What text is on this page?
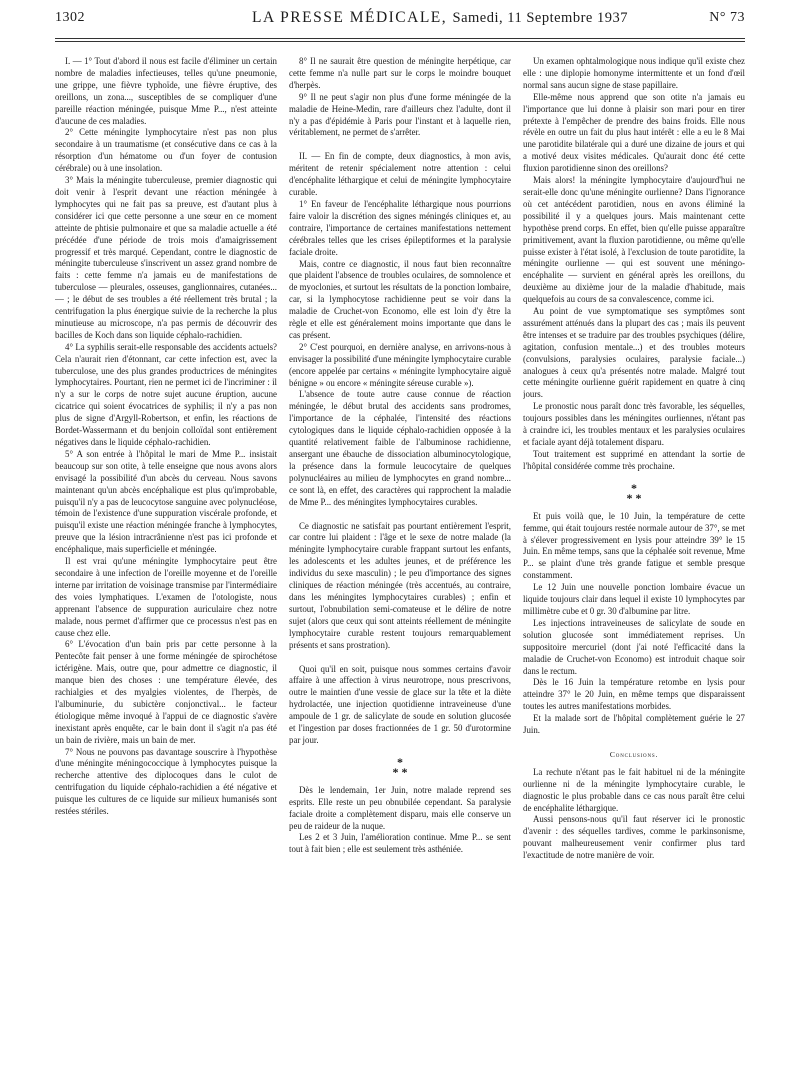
1302	LA PRESSE MÉDICALE, Samedi, 11 Septembre 1937	N° 73

I. — 1° Tout d'abord il nous est facile d'éliminer un certain nombre de maladies infectieuses, telles qu'une pneumonie, une grippe, une fièvre typhoïde, une fièvre éruptive, des oreillons, un zona..., susceptibles de se compliquer d'une pareille réaction méningée, puisque Mme P..., n'est atteinte d'aucune de ces maladies.

2° Cette méningite lymphocytaire n'est pas non plus secondaire à un traumatisme (et consécutive dans ce cas à la résorption d'un hématome ou d'un foyer de contusion cérébrale) ou à une insolation.

3° Mais la méningite tuberculeuse, premier diagnostic qui doit venir à l'esprit devant une réaction méningée à lymphocytes qui ne fait pas sa preuve, est d'autant plus à considérer ici que cette personne a une sœur en ce moment atteinte de phtisie pulmonaire et que sa maladie actuelle a été précédée d'une période de trois mois d'amaigrissement progressif et très marqué. Cependant, contre le diagnostic de méningite tuberculeuse s'inscrivent un assez grand nombre de faits : cette femme n'a jamais eu de manifestations de tuberculose — pleurales, osseuses, ganglionnaires, cutanées... — ; le début de ses troubles a été réellement très brutal ; la centrifugation la plus énergique suivie de la recherche la plus minutieuse au microscope, n'a pas permis de découvrir des bacilles de Koch dans son liquide céphalo-rachidien.

4° La syphilis serait-elle responsable des accidents actuels? Cela n'aurait rien d'étonnant, car cette infection est, avec la tuberculose, une des plus grandes productrices de méningites lymphocytaires. Pourtant, rien ne permet ici de l'incriminer : il n'y a sur le corps de notre sujet aucune éruption, aucune cicatrice qui soient évocatrices de syphilis; il n'y a pas non plus de signe d'Argyll-Robertson, et enfin, les réactions de Bordet-Wassermann et du benjoin colloïdal sont entièrement négatives dans le liquide céphalo-rachidien.

5° A son entrée à l'hôpital le mari de Mme P... insistait beaucoup sur son otite, à telle enseigne que nous avons alors envisagé la possibilité d'un abcès du cerveau. Nous savons maintenant qu'un abcès encéphalique est plus qu'improbable, puisqu'il n'y a pas de leucocytose sanguine avec polynucléose, témoin de l'existence d'une suppuration viscérale profonde, et puisqu'il existe une réaction méningée franche à lymphocytes, preuve que la lésion intracrânienne n'est pas ici profonde et encéphalique, mais superficielle et méningée.

Il est vrai qu'une méningite lymphocytaire peut être secondaire à une infection de l'oreille moyenne et de l'oreille interne par irritation de voisinage transmise par l'intermédiaire des voies lymphatiques. L'examen de l'otologiste, nous apprenant l'absence de suppuration auriculaire chez notre malade, nous permet d'affirmer que ce processus n'est pas en cause chez elle.

6° L'évocation d'un bain pris par cette personne à la Pentecôte fait penser à une forme méningée de spirochétose ictérigène. Mais, outre que, pour admettre ce diagnostic, il manque bien des choses : une température élevée, des rachialgies et des myalgies violentes, de l'herpès, de l'albuminurie, du subictère conjonctival... le facteur étiologique même invoqué à l'appui de ce diagnostic s'avère inexistant après enquête, car le bain dont il s'agit n'a pas été un bain de rivière, mais un bain de mer.

7° Nous ne pouvons pas davantage souscrire à l'hypothèse d'une méningite méningococcique à lymphocytes puisque la recherche attentive des diplocoques dans le culot de centrifugation du liquide céphalo-rachidien a été négative et puisque les cultures de ce liquide sur milieux humanisés sont restées stériles.

8° Il ne saurait être question de méningite herpétique, car cette femme n'a nulle part sur le corps le moindre bouquet d'herpès.

9° Il ne peut s'agir non plus d'une forme méningée de la maladie de Heine-Medin, rare d'ailleurs chez l'adulte, dont il n'y a pas d'épidémie à Paris pour l'instant et à laquelle rien, véritablement, ne permet de s'arrêter.

II. — En fin de compte, deux diagnostics, à mon avis, méritent de retenir spécialement notre attention : celui d'encéphalite léthargique et celui de méningite lymphocytaire curable.

1° En faveur de l'encéphalite léthargique nous pourrions faire valoir la discrétion des signes méningés cliniques et, au contraire, l'importance de certaines manifestations nettement cérébrales telles que les crises épileptiformes et la paralysie faciale droite.

Mais, contre ce diagnostic, il nous faut bien reconnaître que plaident l'absence de troubles oculaires, de somnolence et de myoclonies, et surtout les résultats de la ponction lombaire, car, si la lymphocytose rachidienne peut se voir dans la maladie de Cruchet-von Economo, elle est loin d'y être la règle et elle est généralement moins importante que dans le cas présent.

2° C'est pourquoi, en dernière analyse, en arrivons-nous à envisager la possibilité d'une méningite lymphocytaire curable (encore appelée par certains « méningite lymphocytaire aiguë bénigne » ou encore « méningite séreuse curable »).

L'absence de toute autre cause connue de réaction méningée, le début brutal des accidents sans prodromes, l'importance de la céphalée, l'intensité des réactions cytologiques dans le liquide céphalo-rachidien opposée à la quantité relativement faible de l'albuminose rachidienne, ansergant une ébauche de dissociation albuminocytologique, la présence dans la formule leucocytaire de quelques polynucléaires au milieu de lymphocytes en grand nombre... ce sont là, en effet, des caractères qui rapprochent la maladie de Mme P... des méningites lymphocytaires curables.

Ce diagnostic ne satisfait pas pourtant entièrement l'esprit, car contre lui plaident : l'âge et le sexe de notre malade (la méningite lymphocytaire curable frappant surtout les enfants, les adolescents et les adultes jeunes, et de préférence les individus du sexe masculin) ; le peu d'importance des signes cliniques de réaction méningée (très accentués, au contraire, dans les méningites lymphocytaires curables) ; enfin et surtout, l'obnubilation semi-comateuse et le délire de notre sujet (alors que ceux qui sont atteints réellement de méningite lymphocytaire curable restent toujours remarquablement présents et sans prostration).

Quoi qu'il en soit, puisque nous sommes certains d'avoir affaire à une affection à virus neurotrope, nous prescrivons, outre le maintien d'une vessie de glace sur la tête et la diète hydrolactée, une injection quotidienne intraveineuse d'une ampoule de 1 gr. de salicylate de soude en solution glucosée et l'ingestion par doses fractionnées de 1 gr. 50 d'urotormine par jour.

*
* *

Dès le lendemain, 1er Juin, notre malade reprend ses esprits. Elle reste un peu obnubilée cependant. Sa paralysie faciale droite a complètement disparu, mais elle conserve un peu de raideur de la nuque.

Les 2 et 3 Juin, l'amélioration continue. Mme P... se sent tout à fait bien ; elle est seulement très asthéniée.

Un examen ophtalmologique nous indique qu'il existe chez elle : une diplopie homonyme intermittente et un fond d'œil normal sans aucun signe de stase papillaire.

Elle-même nous apprend que son otite n'a jamais eu l'importance que lui donne à plaisir son mari pour en tirer prétexte à l'empêcher de prendre des bains froids. Elle nous révèle en outre un fait du plus haut intérêt : elle a eu le 8 Mai une parotidite bilatérale qui a duré une dizaine de jours et qui a motivé deux visites médicales. Qu'aurait donc été cette fluxion parotidienne sinon des oreillons?

Mais alors! la méningite lymphocytaire d'aujourd'hui ne serait-elle donc qu'une méningite ourlienne? Dans l'ignorance où cet antécédent parotidien, nous en avons éliminé la possibilité il y a quelques jours. Mais maintenant cette hypothèse prend corps. En effet, bien qu'elle puisse apparaître primitivement, avant la fluxion parotidienne, ou même qu'elle puisse exister à l'état isolé, à l'exclusion de toute parotidite, la méningite ourlienne — qui est souvent une méningo-encéphalite — survient en général après les oreillons, du deuxième au dixième jour de la maladie d'habitude, mais quelquefois au cours de sa convalescence, comme ici.

Au point de vue symptomatique ses symptômes sont assurément atténués dans la plupart des cas ; mais ils peuvent être intenses et se traduire par des troubles psychiques (délire, agitation, confusion mentale...) et des troubles moteurs (convulsions, paralysies oculaires, paralysie faciale...) analogues à ceux qu'a présentés notre malade. Malgré tout cette méningite ourlienne guérit rapidement en quatre à cinq jours.

Le pronostic nous paraît donc très favorable, les séquelles, toujours possibles dans les méningites ourliennes, n'étant pas à craindre ici, les troubles mentaux et les paralysies oculaires et faciale ayant déjà totalement disparu.

Tout traitement est supprimé en attendant la sortie de l'hôpital considérée comme très prochaine.

*
* *

Et puis voilà que, le 10 Juin, la température de cette femme, qui était toujours restée normale autour de 37°, se met à s'élever progressivement en lysis pour atteindre 39° le 15 Juin. En même temps, sans que la céphalée soit revenue, Mme P... se plaint d'une très grande fatigue et semble presque constamment.

Le 12 Juin une nouvelle ponction lombaire évacue un liquide toujours clair dans lequel il existe 10 lymphocytes par millimètre cube et 0 gr. 30 d'albumine par litre.

Les injections intraveineuses de salicylate de soude en solution glucosée sont immédiatement reprises. Un suppositoire mercuriel (dont j'ai noté l'efficacité dans la maladie de Cruchet-von Economo) est introduit chaque soir dans le rectum.

Dès le 16 Juin la température retombe en lysis pour atteindre 37° le 20 Juin, en même temps que disparaissent toutes les autres manifestations morbides.

Et la malade sort de l'hôpital complètement guérie le 27 Juin.

Conclusions.

La rechute n'étant pas le fait habituel ni de la méningite ourlienne ni de la méningite lymphocytaire curable, le diagnostic le plus probable dans ce cas nous paraît être celui de encéphalite léthargique.

Aussi pensons-nous qu'il faut réserver ici le pronostic d'avenir : des séquelles tardives, comme le parkinsonisme, pouvant malheureusement venir confirmer plus tard l'exactitude de notre manière de voir.
